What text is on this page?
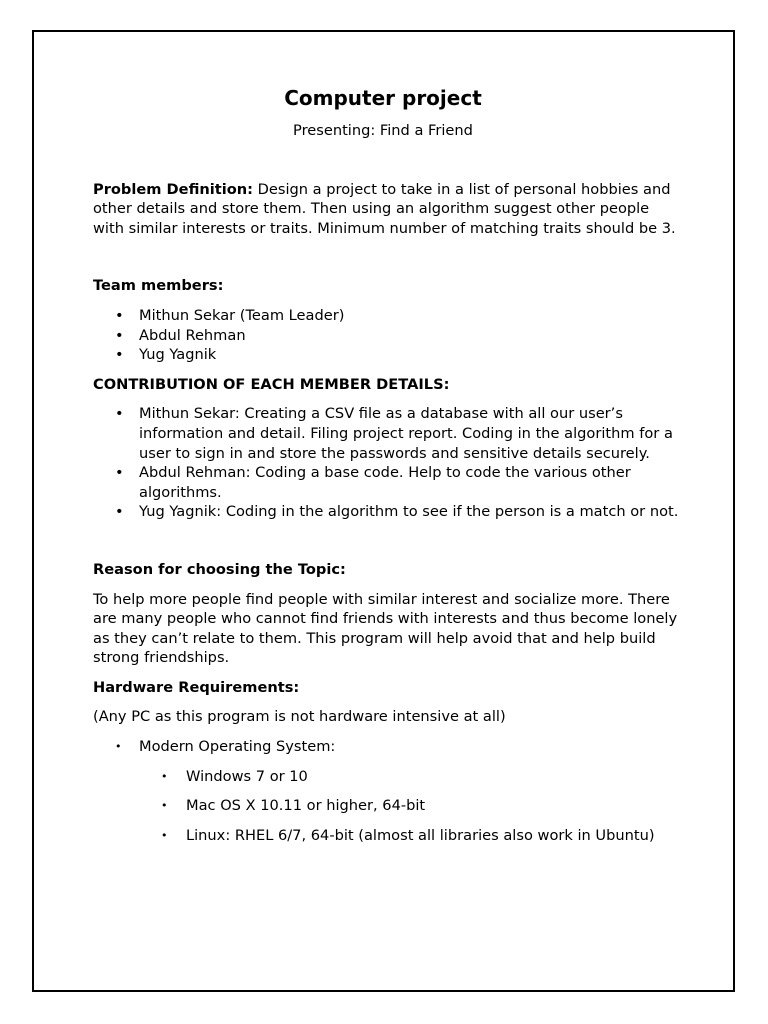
Computer project

Presenting: Find a Friend

Problem Definition: Design a project to take in a list of personal hobbies and other details and store them. Then using an algorithm suggest other people with similar interests or traits. Minimum number of matching traits should be 3.

Team members:

• Mithun Sekar (Team Leader)
• Abdul Rehman
• Yug Yagnik

CONTRIBUTION OF EACH MEMBER DETAILS:

• Mithun Sekar: Creating a CSV file as a database with all our user’s information and detail. Filing project report. Coding in the algorithm for a user to sign in and store the passwords and sensitive details securely.
• Abdul Rehman: Coding a base code. Help to code the various other algorithms.
• Yug Yagnik: Coding in the algorithm to see if the person is a match or not.

Reason for choosing the Topic:

To help more people find people with similar interest and socialize more. There are many people who cannot find friends with interests and thus become lonely as they can’t relate to them. This program will help avoid that and help build strong friendships.

Hardware Requirements:

(Any PC as this program is not hardware intensive at all)

• Modern Operating System:
• Windows 7 or 10
• Mac OS X 10.11 or higher, 64-bit
• Linux: RHEL 6/7, 64-bit (almost all libraries also work in Ubuntu)
